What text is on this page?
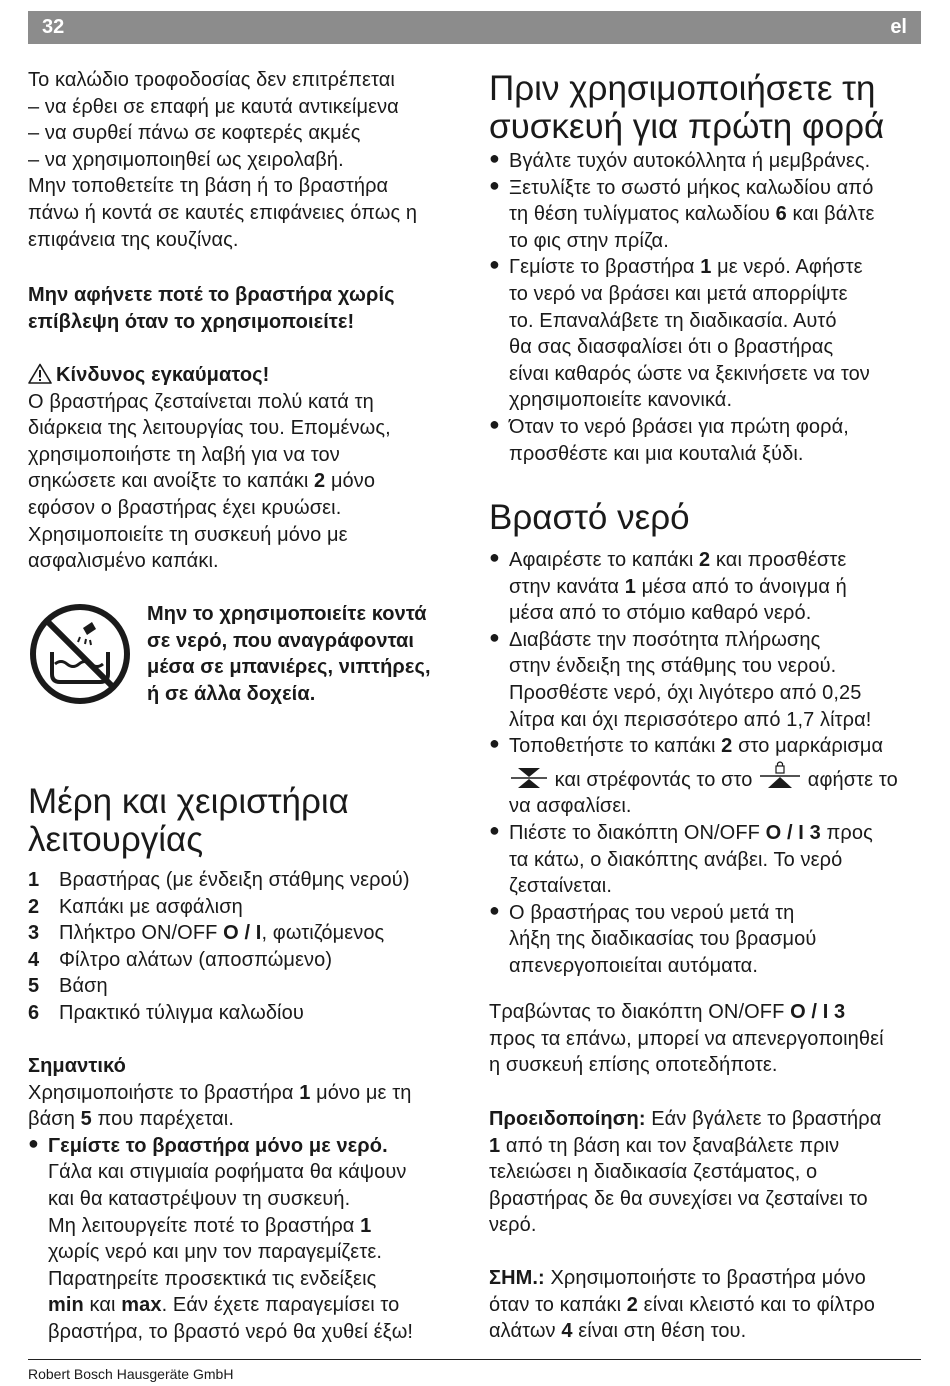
32	el

Το καλώδιο τροφοδοσίας δεν επιτρέπεται

– να έρθει σε επαφή με καυτά αντικείμενα

– να συρθεί πάνω σε κοφτερές ακμές

– να χρησιμοποιηθεί ως χειρολαβή.

Μην τοποθετείτε τη βάση ή το βραστήρα

πάνω ή κοντά σε καυτές επιφάνειες όπως η

επιφάνεια της κουζίνας.

Μην αφήνετε ποτέ το βραστήρα χωρίς

επίβλεψη όταν το χρησιμοποιείτε!

Κίνδυνος εγκαύματος!

Ο βραστήρας ζεσταίνεται πολύ κατά τη

διάρκεια της λειτουργίας του. Επομένως,

χρησιμοποιήστε τη λαβή για να τον

σηκώσετε και ανοίξτε το καπάκι 2 μόνο

εφόσον ο βραστήρας έχει κρυώσει.

Χρησιμοποιείτε τη συσκευή μόνο με

ασφαλισμένο καπάκι.

Μην το χρησιμοποιείτε κοντά

σε νερό, που αναγράφονται

μέσα σε μπανιέρες, νιπτήρες,

ή σε άλλα δοχεία.

Μέρη και χειριστήρια
λειτουργίας

1 Βραστήρας (με ένδειξη στάθμης νερού)

2 Καπάκι με ασφάλιση

3 Πλήκτρο ON/OFF O / I, φωτιζόμενος

4 Φίλτρο αλάτων (αποσπώμενο)

5 Βάση

6 Πρακτικό τύλιγμα καλωδίου

Σημαντικό

Χρησιμοποιήστε το βραστήρα 1 μόνο με τη

βάση 5 που παρέχεται.

● Γεμίστε το βραστήρα μόνο με νερό.

Γάλα και στιγμιαία ροφήματα θα κάψουν

και θα καταστρέψουν τη συσκευή.

Μη λειτουργείτε ποτέ το βραστήρα 1

χωρίς νερό και μην τον παραγεμίζετε.

Παρατηρείτε προσεκτικά τις ενδείξεις

min και max. Εάν έχετε παραγεμίσει το

βραστήρα, το βραστό νερό θα χυθεί έξω!

Πριν χρησιμοποιήσετε τη
συσκευή για πρώτη φορά
● Βγάλτε τυχόν αυτοκόλλητα ή μεμβράνες.

● Ξετυλίξτε το σωστό μήκος καλωδίου από

τη θέση τυλίγματος καλωδίου 6 και βάλτε

το φις στην πρίζα.

● Γεμίστε το βραστήρα 1 με νερό. Αφήστε

το νερό να βράσει και μετά απορρίψτε

το. Επαναλάβετε τη διαδικασία. Αυτό

θα σας διασφαλίσει ότι ο βραστήρας

είναι καθαρός ώστε να ξεκινήσετε να τον

χρησιμοποιείτε κανονικά.

● Όταν το νερό βράσει για πρώτη φορά,

προσθέστε και μια κουταλιά ξύδι.

Βραστό νερό
● Αφαιρέστε το καπάκι 2 και προσθέστε

στην κανάτα 1 μέσα από το άνοιγμα ή

μέσα από το στόμιο καθαρό νερό.

● Διαβάστε την ποσότητα πλήρωσης

στην ένδειξη της στάθμης του νερού.

Προσθέστε νερό, όχι λιγότερο από 0,25

λίτρα και όχι περισσότερο από 1,7 λίτρα!

● Τοποθετήστε το καπάκι 2 στο μαρκάρισμα

και στρέφοντάς το στο  αφήστε το

να ασφαλίσει.

● Πιέστε το διακόπτη ON/OFF O / I 3 προς

τα κάτω, ο διακόπτης ανάβει. Το νερό

ζεσταίνεται.

● Ο βραστήρας του νερού μετά τη

λήξη της διαδικασίας του βρασμού

απενεργοποιείται αυτόματα.

Τραβώντας το διακόπτη ON/OFF O / I 3

προς τα επάνω, μπορεί να απενεργοποιηθεί

η συσκευή επίσης οποτεδήποτε.

Προειδοποίηση: Εάν βγάλετε το βραστήρα

1 από τη βάση και τον ξαναβάλετε πριν

τελειώσει η διαδικασία ζεστάματος, ο

βραστήρας δε θα συνεχίσει να ζεσταίνει το

νερό.

ΣΗΜ.: Χρησιμοποιήστε το βραστήρα μόνο

όταν το καπάκι 2 είναι κλειστό και το φίλτρο

αλάτων 4 είναι στη θέση του.

Robert Bosch Hausgeräte GmbH
